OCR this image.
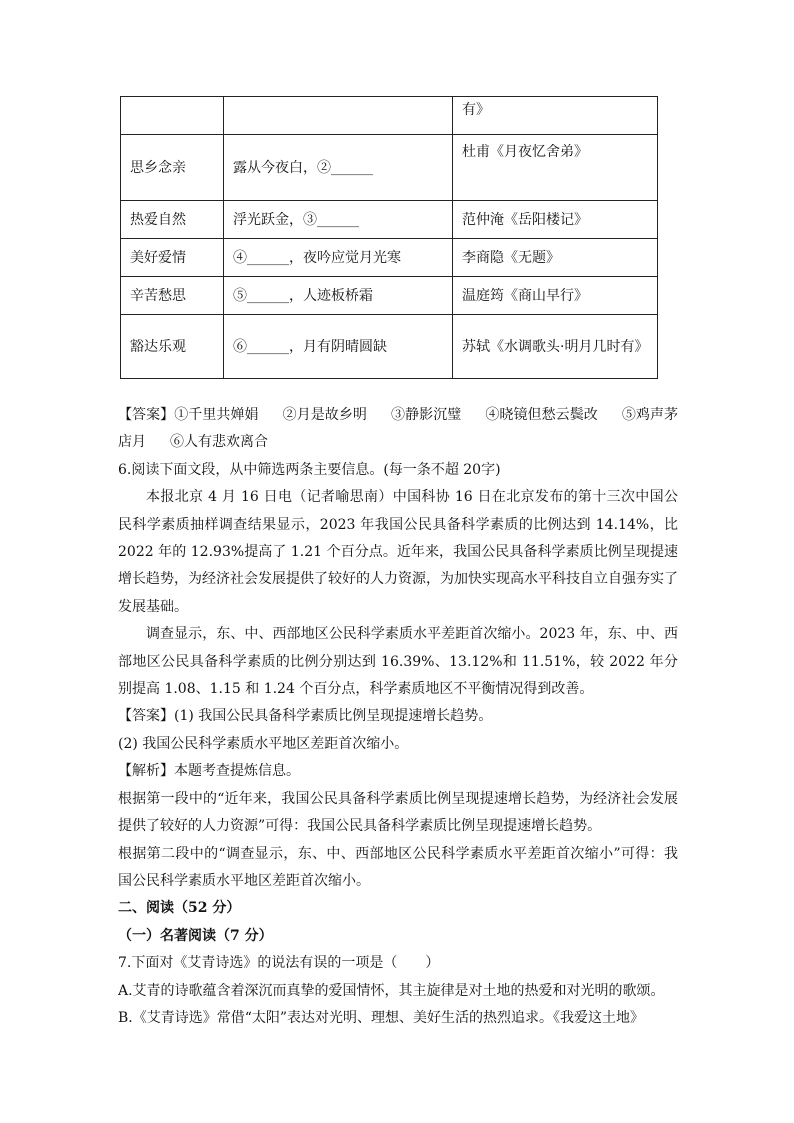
		有》
思乡念亲	露从今夜白，②______	杜甫《月夜忆舍弟》
热爱自然	浮光跃金，③______	范仲淹《岳阳楼记》
美好爱情	④______，夜吟应觉月光寒	李商隐《无题》
辛苦愁思	⑤______，人迹板桥霜	温庭筠《商山早行》
豁达乐观	⑥______，月有阴晴圆缺	苏轼《水调歌头·明月几时有》

【答案】①千里共婵娟 ②月是故乡明 ③静影沉璧 ④晓镜但愁云鬓改 ⑤鸡声茅店月 ⑥人有悲欢离合

6.阅读下面文段，从中筛选两条主要信息。(每一条不超 20字)

本报北京 4 月 16 日电（记者喻思南）中国科协 16 日在北京发布的第十三次中国公民科学素质抽样调查结果显示，2023 年我国公民具备科学素质的比例达到 14.14%，比 2022 年的 12.93%提高了 1.21 个百分点。近年来，我国公民具备科学素质比例呈现提速增长趋势，为经济社会发展提供了较好的人力资源，为加快实现高水平科技自立自强夯实了发展基础。

调查显示，东、中、西部地区公民科学素质水平差距首次缩小。2023 年，东、中、西部地区公民具备科学素质的比例分别达到 16.39%、13.12%和 11.51%，较 2022 年分别提高 1.08、1.15 和 1.24 个百分点，科学素质地区不平衡情况得到改善。

【答案】(1) 我国公民具备科学素质比例呈现提速增长趋势。

(2) 我国公民科学素质水平地区差距首次缩小。

【解析】本题考查提炼信息。

根据第一段中的“近年来，我国公民具备科学素质比例呈现提速增长趋势，为经济社会发展提供了较好的人力资源”可得：我国公民具备科学素质比例呈现提速增长趋势。

根据第二段中的“调查显示，东、中、西部地区公民科学素质水平差距首次缩小”可得：我国公民科学素质水平地区差距首次缩小。

二、阅读（52 分）

（一）名著阅读（7 分）

7.下面对《艾青诗选》的说法有误的一项是（　　）

A.艾青的诗歌蕴含着深沉而真挚的爱国情怀，其主旋律是对土地的热爱和对光明的歌颂。

B.《艾青诗选》常借“太阳”表达对光明、理想、美好生活的热烈追求。《我爱这土地》
